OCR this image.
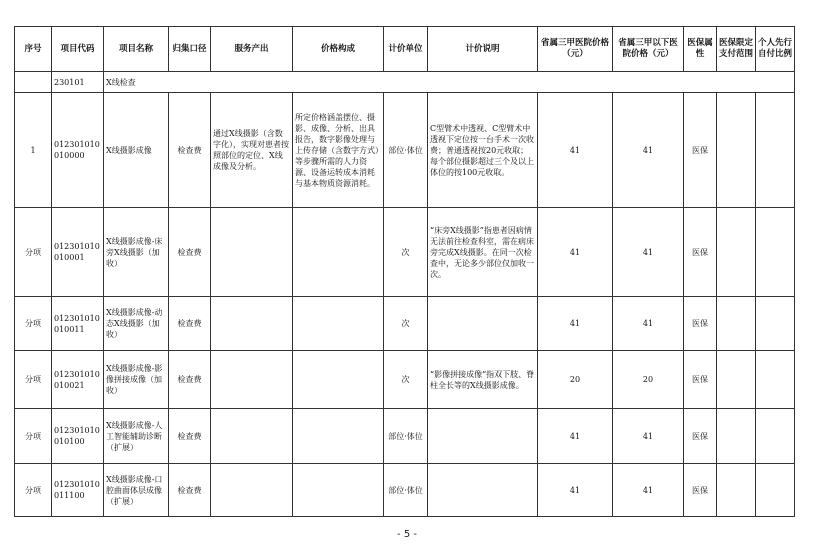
序号	项目代码	项目名称	归集口径	服务产出	价格构成	计价单位	计价说明	省属三甲医院价格（元）	省属三甲以下医院价格（元）	医保属性	医保限定支付范围	个人先行自付比例
	230101	X线检查										
1	012301010010000	X线摄影成像	检查费	通过X线摄影（含数字化），实现对患者按照部位的定位、X线成像及分析。	所定价格涵盖摆位、摄影、成像、分析、出具报告，数字影像处理与上传存储（含数字方式）等步骤所需的人力资源、设备运转成本消耗与基本物质资源消耗。	部位·体位	C型臂术中透视、C型臂术中透视下定位按一台手术一次收费；普通透视按20元收取；每个部位摄影超过三个及以上体位的按100元收取。	41	41	医保		
分项	012301010010001	X线摄影成像-床旁X线摄影（加收）	检查费			次	“床旁X线摄影”指患者因病情无法前往检查科室，需在病床旁完成X线摄影。在同一次检查中，无论多少部位仅加收一次。	41	41	医保		
分项	012301010010011	X线摄影成像-动态X线摄影（加收）	检查费			次		41	41	医保		
分项	012301010010021	X线摄影成像-影像拼接成像（加收）	检查费			次	“影像拼接成像”指双下肢、脊柱全长等的X线摄影成像。	20	20	医保		
分项	012301010010100	X线摄影成像-人工智能辅助诊断（扩展）	检查费			部位·体位		41	41	医保		
分项	012301010011100	X线摄影成像-口腔曲面体层成像（扩展）	检查费			部位·体位		41	41	医保		
- 5 -
